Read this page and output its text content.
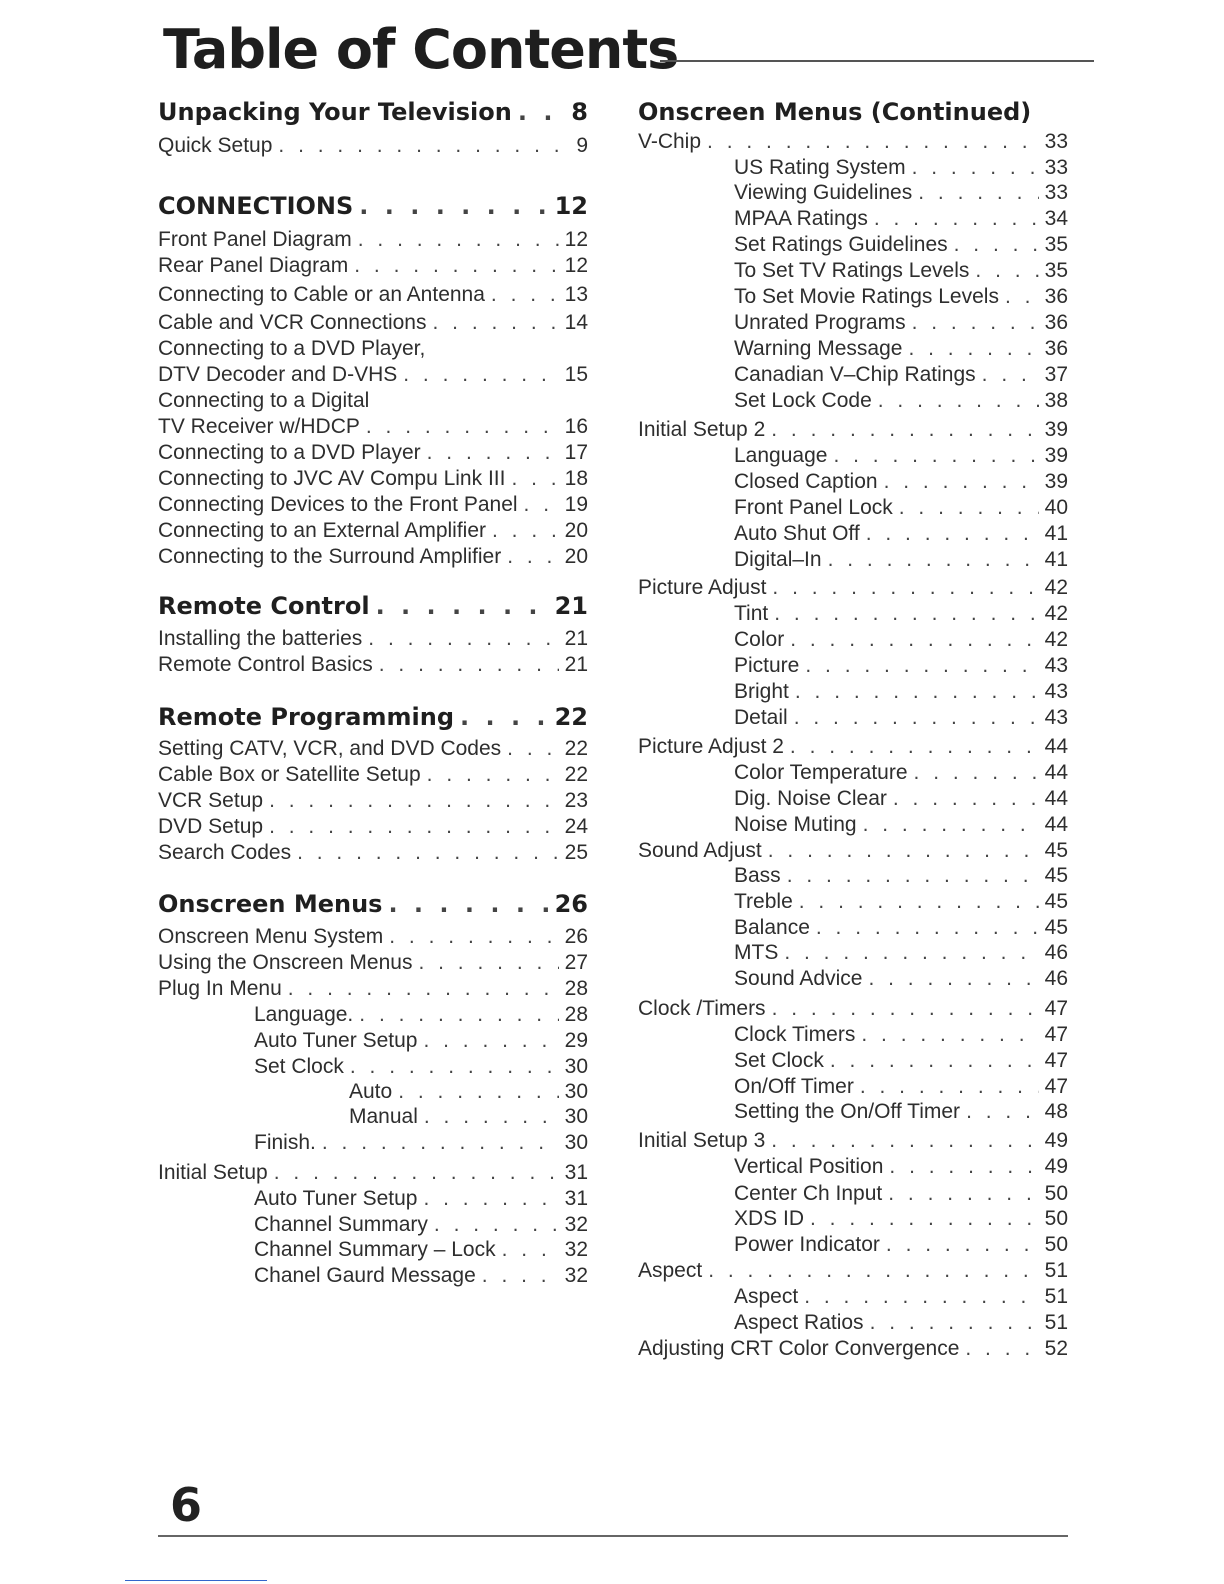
Table of Contents
Unpacking Your Television . . . 8
Quick Setup . . .	9
CONNECTIONS . . .	12
Front Panel Diagram . . .	12
Rear Panel Diagram . . .	12
Connecting to Cable or an Antenna . . .	13
Cable and VCR Connections . . .	14
Connecting to a DVD Player,
DTV Decoder and D-VHS . . .	15
Connecting to a Digital
TV Receiver w/HDCP . . .	16
Connecting to a DVD Player . . .	17
Connecting to JVC AV Compu Link III . . .	18
Connecting Devices to the Front Panel . . . 19
Connecting to an External Amplifier . . .	20
Connecting to the Surround Amplifier . . .	20
Remote Control . . .	21
Installing the batteries . . .	21
Remote Control Basics . . .	21
Remote Programming . . .	22
Setting CATV, VCR, and DVD Codes . . .	22
Cable Box or Satellite Setup . . .	22
VCR Setup . . .	23
DVD Setup . . .	24
Search Codes . . .	25
Onscreen Menus . . .	26
Onscreen Menu System . . .	26
Using the Onscreen Menus . . .	27
Plug In Menu . . .	28
Language. . . .	28
Auto Tuner Setup . . .	29
Set Clock . . .	30
Auto . . .	30
Manual . . .	30
Finish. . . .	30
Initial Setup . . .	31
Auto Tuner Setup . . .	31
Channel Summary . . .	32
Channel Summary – Lock . . .	32
Chanel Gaurd Message . . .	32
Onscreen Menus (Continued)
V-Chip . . .	33
US Rating System . . .	33
Viewing Guidelines . . .	33
MPAA Ratings . . .	34
Set Ratings Guidelines . . .	35
To Set TV Ratings Levels . . .	35
To Set Movie Ratings Levels . . . 36
Unrated Programs . . .	36
Warning Message . . .	36
Canadian V–Chip Ratings . . .	37
Set Lock Code . . .	38
Initial Setup 2 . . .	39
Language . . .	39
Closed Caption . . .	39
Front Panel Lock . . .	40
Auto Shut Off . . .	41
Digital–In . . .	41
Picture Adjust . . .	42
Tint . . .	42
Color . . .	42
Picture . . .	43
Bright . . .	43
Detail . . .	43
Picture Adjust 2 . . .	44
Color Temperature . . .	44
Dig. Noise Clear . . .	44
Noise Muting . . .	44
Sound Adjust . . .	45
Bass . . .	45
Treble . . .	45
Balance . . .	45
MTS . . .	46
Sound Advice . . .	46
Clock /Timers . . .	47
Clock Timers . . .	47
Set Clock . . .	47
On/Off Timer . . .	47
Setting the On/Off Timer . . .	48
Initial Setup 3 . . .	49
Vertical Position . . .	49
Center Ch Input . . .	50
XDS ID . . .	50
Power Indicator . . .	50
Aspect . . .	51
Aspect . . .	51
Aspect Ratios . . .	51
Adjusting CRT Color Convergence . . .	52
6
